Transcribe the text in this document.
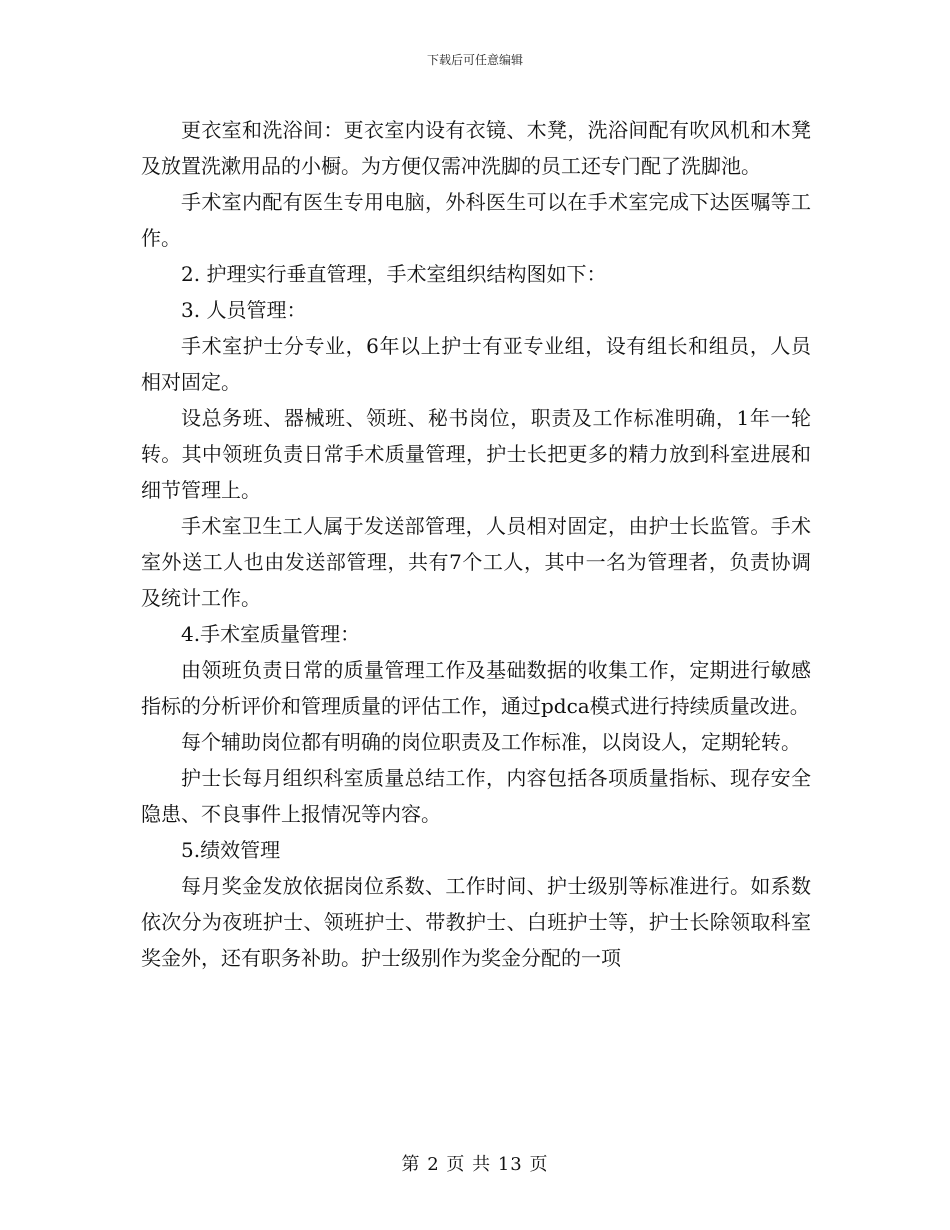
下载后可任意编辑

更衣室和洗浴间：更衣室内设有衣镜、木凳，洗浴间配有吹风机和木凳及放置洗漱用品的小橱。为方便仅需冲洗脚的员工还专门配了洗脚池。

手术室内配有医生专用电脑，外科医生可以在手术室完成下达医嘱等工作。

2. 护理实行垂直管理，手术室组织结构图如下：

3. 人员管理：

手术室护士分专业，6年以上护士有亚专业组，设有组长和组员，人员相对固定。

设总务班、器械班、领班、秘书岗位，职责及工作标准明确，1年一轮转。其中领班负责日常手术质量管理，护士长把更多的精力放到科室进展和细节管理上。

手术室卫生工人属于发送部管理，人员相对固定，由护士长监管。手术室外送工人也由发送部管理，共有7个工人，其中一名为管理者，负责协调及统计工作。

4.手术室质量管理：

由领班负责日常的质量管理工作及基础数据的收集工作，定期进行敏感指标的分析评价和管理质量的评估工作，通过pdca模式进行持续质量改进。

每个辅助岗位都有明确的岗位职责及工作标准，以岗设人，定期轮转。

护士长每月组织科室质量总结工作，内容包括各项质量指标、现存安全隐患、不良事件上报情况等内容。

5.绩效管理

每月奖金发放依据岗位系数、工作时间、护士级别等标准进行。如系数依次分为夜班护士、领班护士、带教护士、白班护士等，护士长除领取科室奖金外，还有职务补助。护士级别作为奖金分配的一项

第 2 页 共 13 页
